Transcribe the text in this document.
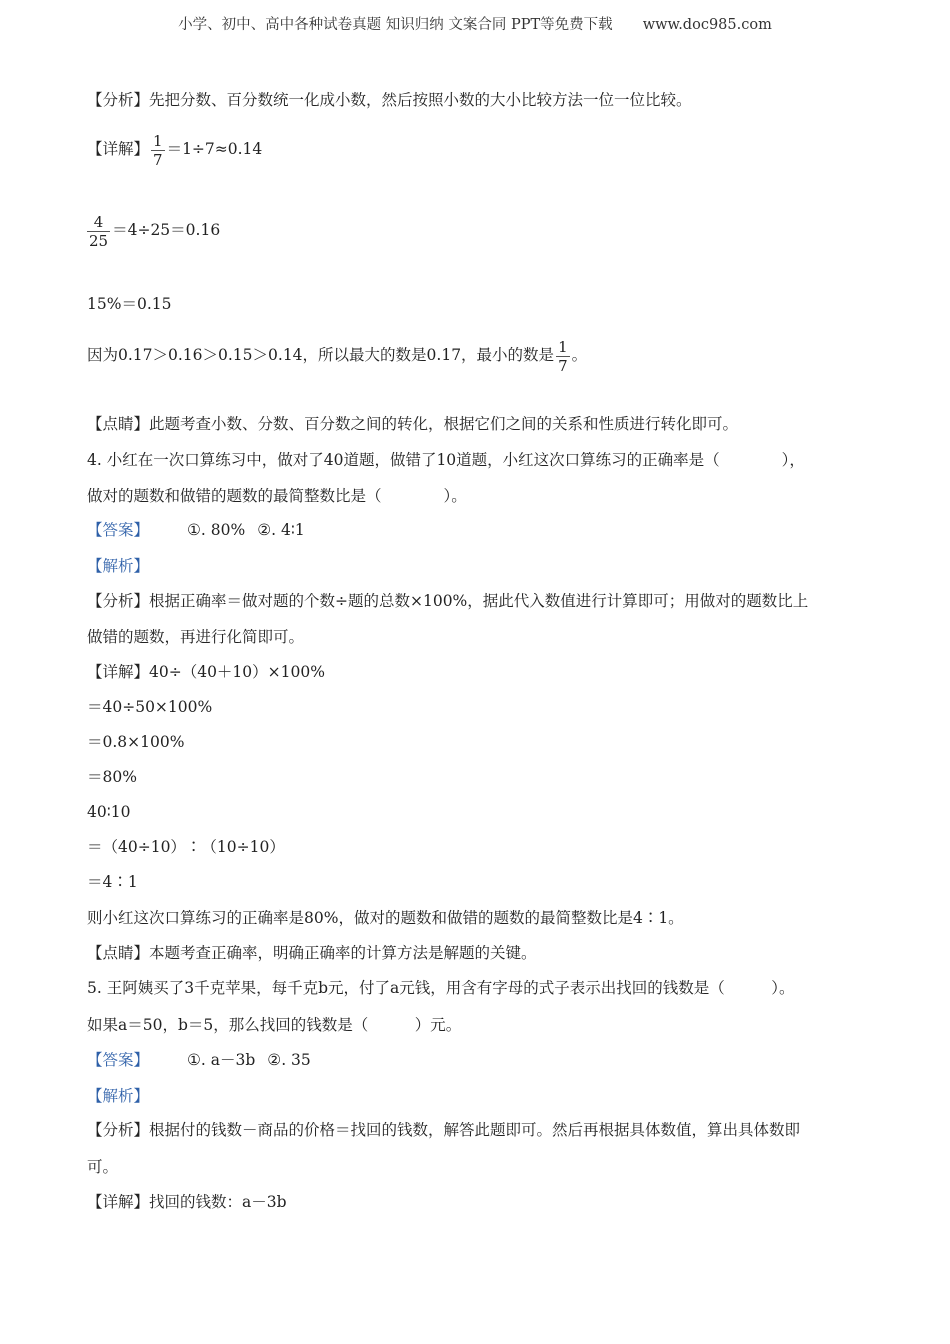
小学、初中、高中各种试卷真题 知识归纳 文案合同 PPT等免费下载 www.doc985.com
【分析】先把分数、百分数统一化成小数，然后按照小数的大小比较方法一位一位比较。
【详解】 $\frac{1}{7} =1\div 7\approx 0.14$
$\frac{4}{25} =4\div 25=0.16$
15%＝0.15
因为0.17＞0.16＞0.15＞0.14，所以最大的数是0.17，最小的数是 $\frac{1}{7}$ 。
【点睛】此题考查小数、分数、百分数之间的转化，根据它们之间的关系和性质进行转化即可。
4. 小红在一次口算练习中，做对了40道题，做错了10道题，小红这次口算练习的正确率是（　　　　），
做对的题数和做错的题数的最简整数比是（　　　　）。
【答案】 ①. 80% ②. 4∶1
【解析】
【分析】根据正确率＝做对题的个数÷题的总数×100%，据此代入数值进行计算即可；用做对的题数比上
做错的题数，再进行化简即可。
【详解】40÷（40＋10）×100%
＝40÷50×100%
＝0.8×100%
＝80%
40∶10
＝（40÷10）∶（10÷10）
＝4∶1
则小红这次口算练习的正确率是80%，做对的题数和做错的题数的最简整数比是4∶1。
【点睛】本题考查正确率，明确正确率的计算方法是解题的关键。
5. 王阿姨买了3千克苹果，每千克b元，付了a元钱，用含有字母的式子表示出找回的钱数是（　　　）。
如果a＝50，b＝5，那么找回的钱数是（　　　）元。
【答案】 ①. a－3b ②. 35
【解析】
【分析】根据付的钱数－商品的价格＝找回的钱数，解答此题即可。然后再根据具体数值，算出具体数即
可。
【详解】找回的钱数：a－3b
